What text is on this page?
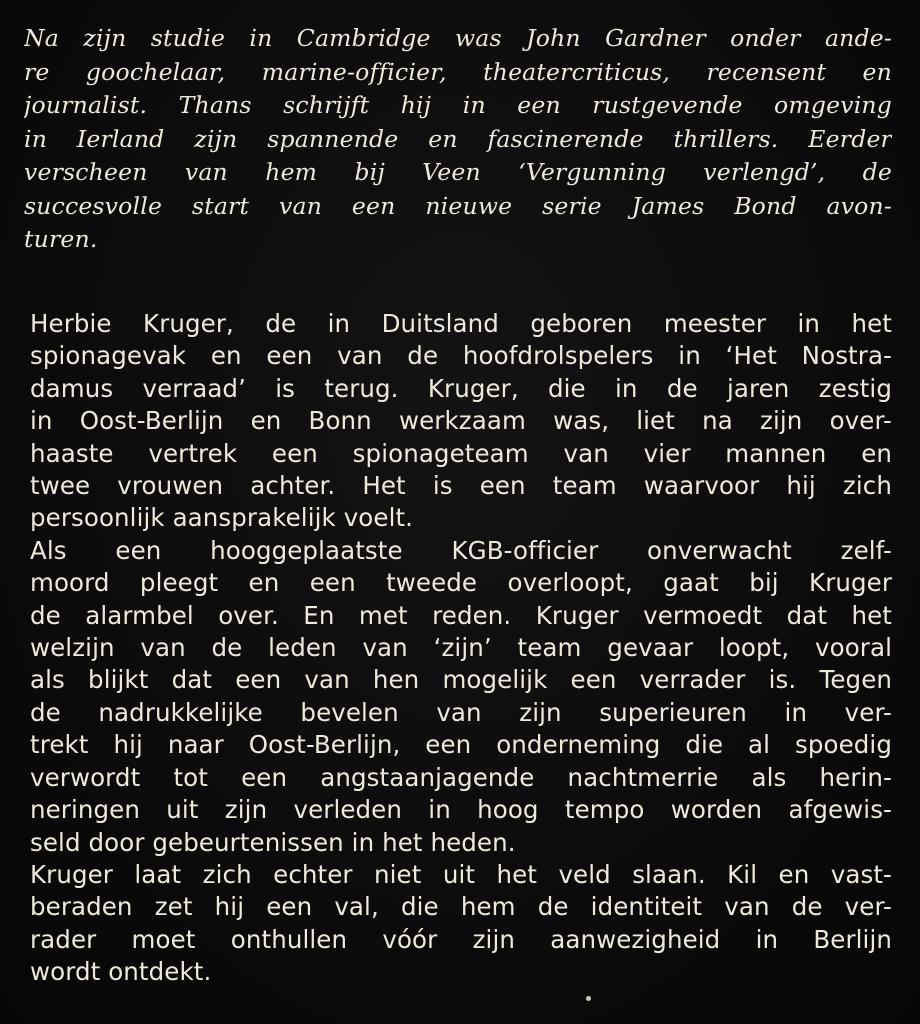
Na zijn studie in Cambridge was John Gardner onder ande-
re goochelaar, marine-officier, theatercriticus, recensent en
journalist. Thans schrijft hij in een rustgevende omgeving
in Ierland zijn spannende en fascinerende thrillers. Eerder
verscheen van hem bij Veen ‘Vergunning verlengd’, de
succesvolle start van een nieuwe serie James Bond avon-
turen.
Herbie Kruger, de in Duitsland geboren meester in het
spionagevak en een van de hoofdrolspelers in ‘Het Nostra-
damus verraad’ is terug. Kruger, die in de jaren zestig
in Oost-Berlijn en Bonn werkzaam was, liet na zijn over-
haaste vertrek een spionageteam van vier mannen en
twee vrouwen achter. Het is een team waarvoor hij zich
persoonlijk aansprakelijk voelt.
Als een hooggeplaatste KGB-officier onverwacht zelf-
moord pleegt en een tweede overloopt, gaat bij Kruger
de alarmbel over. En met reden. Kruger vermoedt dat het
welzijn van de leden van ‘zijn’ team gevaar loopt, vooral
als blijkt dat een van hen mogelijk een verrader is. Tegen
de nadrukkelijke bevelen van zijn superieuren in ver-
trekt hij naar Oost-Berlijn, een onderneming die al spoedig
verwordt tot een angstaanjagende nachtmerrie als herin-
neringen uit zijn verleden in hoog tempo worden afgewis-
seld door gebeurtenissen in het heden.
Kruger laat zich echter niet uit het veld slaan. Kil en vast-
beraden zet hij een val, die hem de identiteit van de ver-
rader moet onthullen vóór zijn aanwezigheid in Berlijn
wordt ontdekt.
